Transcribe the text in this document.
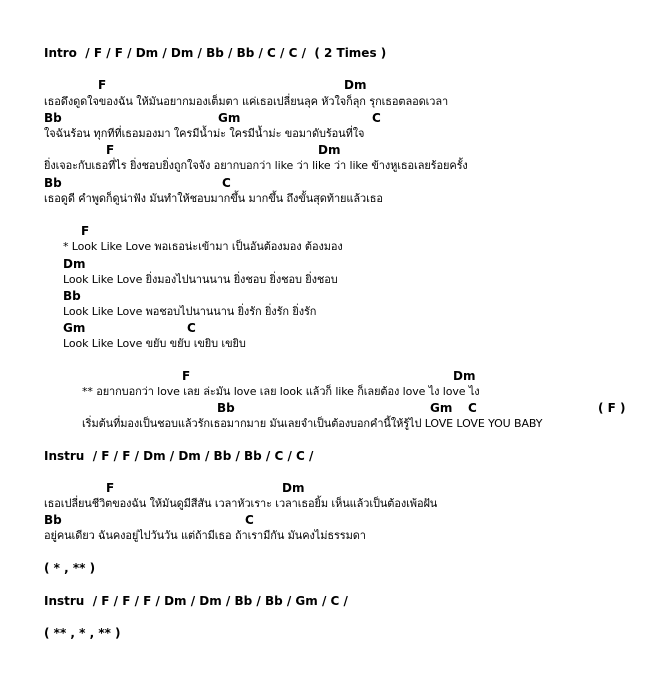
Intro  / F / F / Dm / Dm / Bb / Bb / C / C /  ( 2 Times )
F	Dm
เธอดึงดูดใจของฉัน ให้มันอยากมองเต็มตา แค่เธอเปลี่ยนลุค หัวใจก็ลุก รุกเธอตลอดเวลา
Bb	Gm	C
ใจฉันร้อน ทุกทีที่เธอมองมา ใครมีน้ำม่ะ ใครมีน้ำม่ะ ขอมาดับร้อนที่ใจ
F	Dm
ยิ่งเจอะกับเธอที่ไร ยิ่งชอบยิ่งถูกใจจัง อยากบอกว่า like ว่า like ว่า like ข้างหูเธอเลยร้อยครั้ง
Bb	C
เธอดูดี คำพูดก็ดูน่าฟัง มันทำให้ชอบมากขึ้น มากขึ้น ถึงขั้นสุดท้ายแล้วเธอ
F
* Look Like Love พอเธอน่ะเข้ามา เป็นอันต้องมอง ต้องมอง
Dm
Look Like Love ยิ่งมองไปนานนาน ยิ่งชอบ ยิ่งชอบ ยิ่งชอบ
Bb
Look Like Love พอชอบไปนานนาน ยิ่งรัก ยิ่งรัก ยิ่งรัก
Gm	C
Look Like Love ขยับ ขยับ เขยิบ เขยิบ
F	Dm
** อยากบอกว่า love เลย ล่ะมัน love เลย look แล้วก็ like ก็เลยต้อง love ไง love ไง
Bb	Gm C	( F )
เริ่มต้นที่มองเป็นชอบแล้วรักเธอมากมาย มันเลยจำเป็นต้องบอกคำนี้ให้รู้ไป LOVE LOVE YOU BABY
Instru  / F / F / Dm / Dm / Bb / Bb / C / C /
F	Dm
เธอเปลี่ยนชีวิตของฉัน ให้มันดูมีสีสัน เวลาหัวเราะ เวลาเธอยิ้ม เห็นแล้วเป็นต้องเพ้อฝัน
Bb	C
อยู่คนเดียว ฉันคงอยู่ไปวันวัน แต่ถ้ามีเธอ ถ้าเรามีกัน มันคงไม่ธรรมดา
( * , ** )
Instru  / F / F / F / Dm / Dm / Bb / Bb / Gm / C /
( ** , * , ** )
